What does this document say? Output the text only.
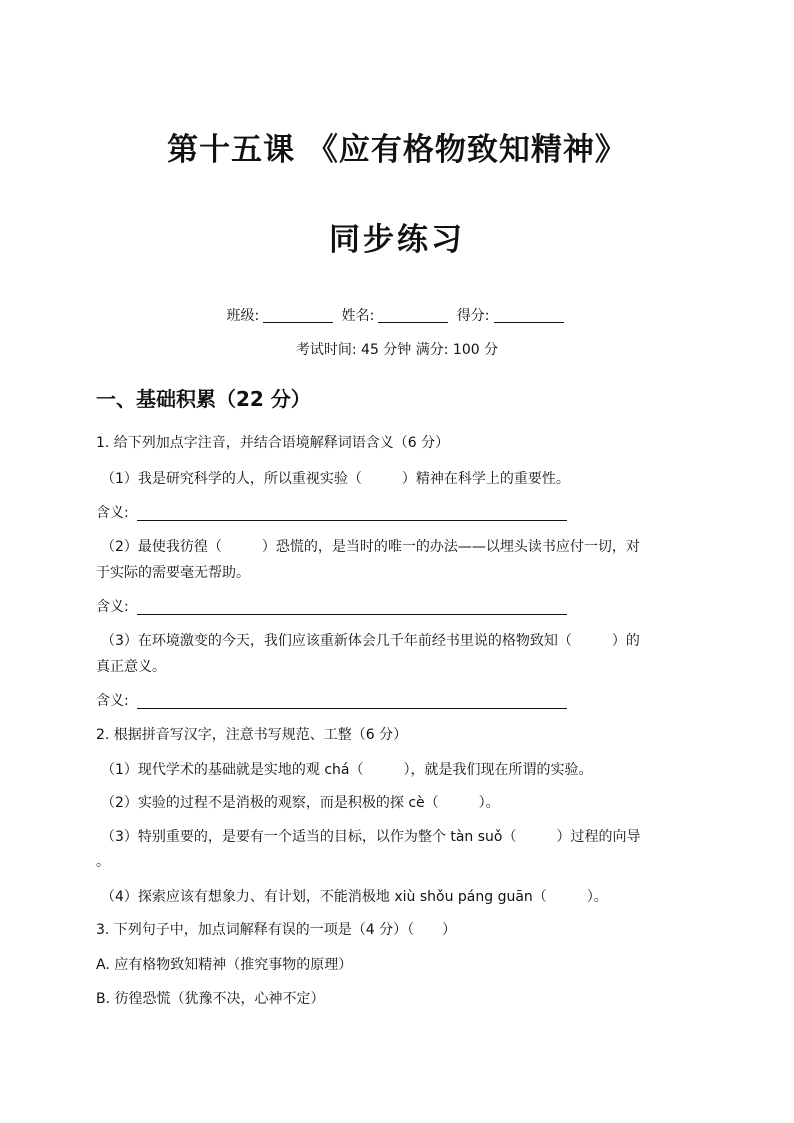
第十五课 《应有格物致知精神》
同步练习
班级:	姓名:	得分:
考试时间: 45 分钟 满分: 100 分
一、基础积累（22 分）
1. 给下列加点字注音，并结合语境解释词语含义（6 分）
（1）我是研究科学的人，所以重视实验（	）精神在科学上的重要性。
含义:
（2）最使我彷徨（	）恐慌的，是当时的唯一的办法——以埋头读书应付一切，对
于实际的需要毫无帮助。
含义:
（3）在环境激变的今天，我们应该重新体会几千年前经书里说的格物致知（	）的
真正意义。
含义:
2. 根据拼音写汉字，注意书写规范、工整（6 分）
（1）现代学术的基础就是实地的观 chá（	），就是我们现在所谓的实验。
（2）实验的过程不是消极的观察，而是积极的探 cè（	）。
（3）特别重要的，是要有一个适当的目标，以作为整个 tàn suǒ（	）过程的向导
。
（4）探索应该有想象力、有计划，不能消极地 xiù shǒu páng guān（	）。
3. 下列句子中，加点词解释有误的一项是（4 分）（　　）
A. 应有格物致知精神（推究事物的原理）
B. 彷徨恐慌（犹豫不决，心神不定）
